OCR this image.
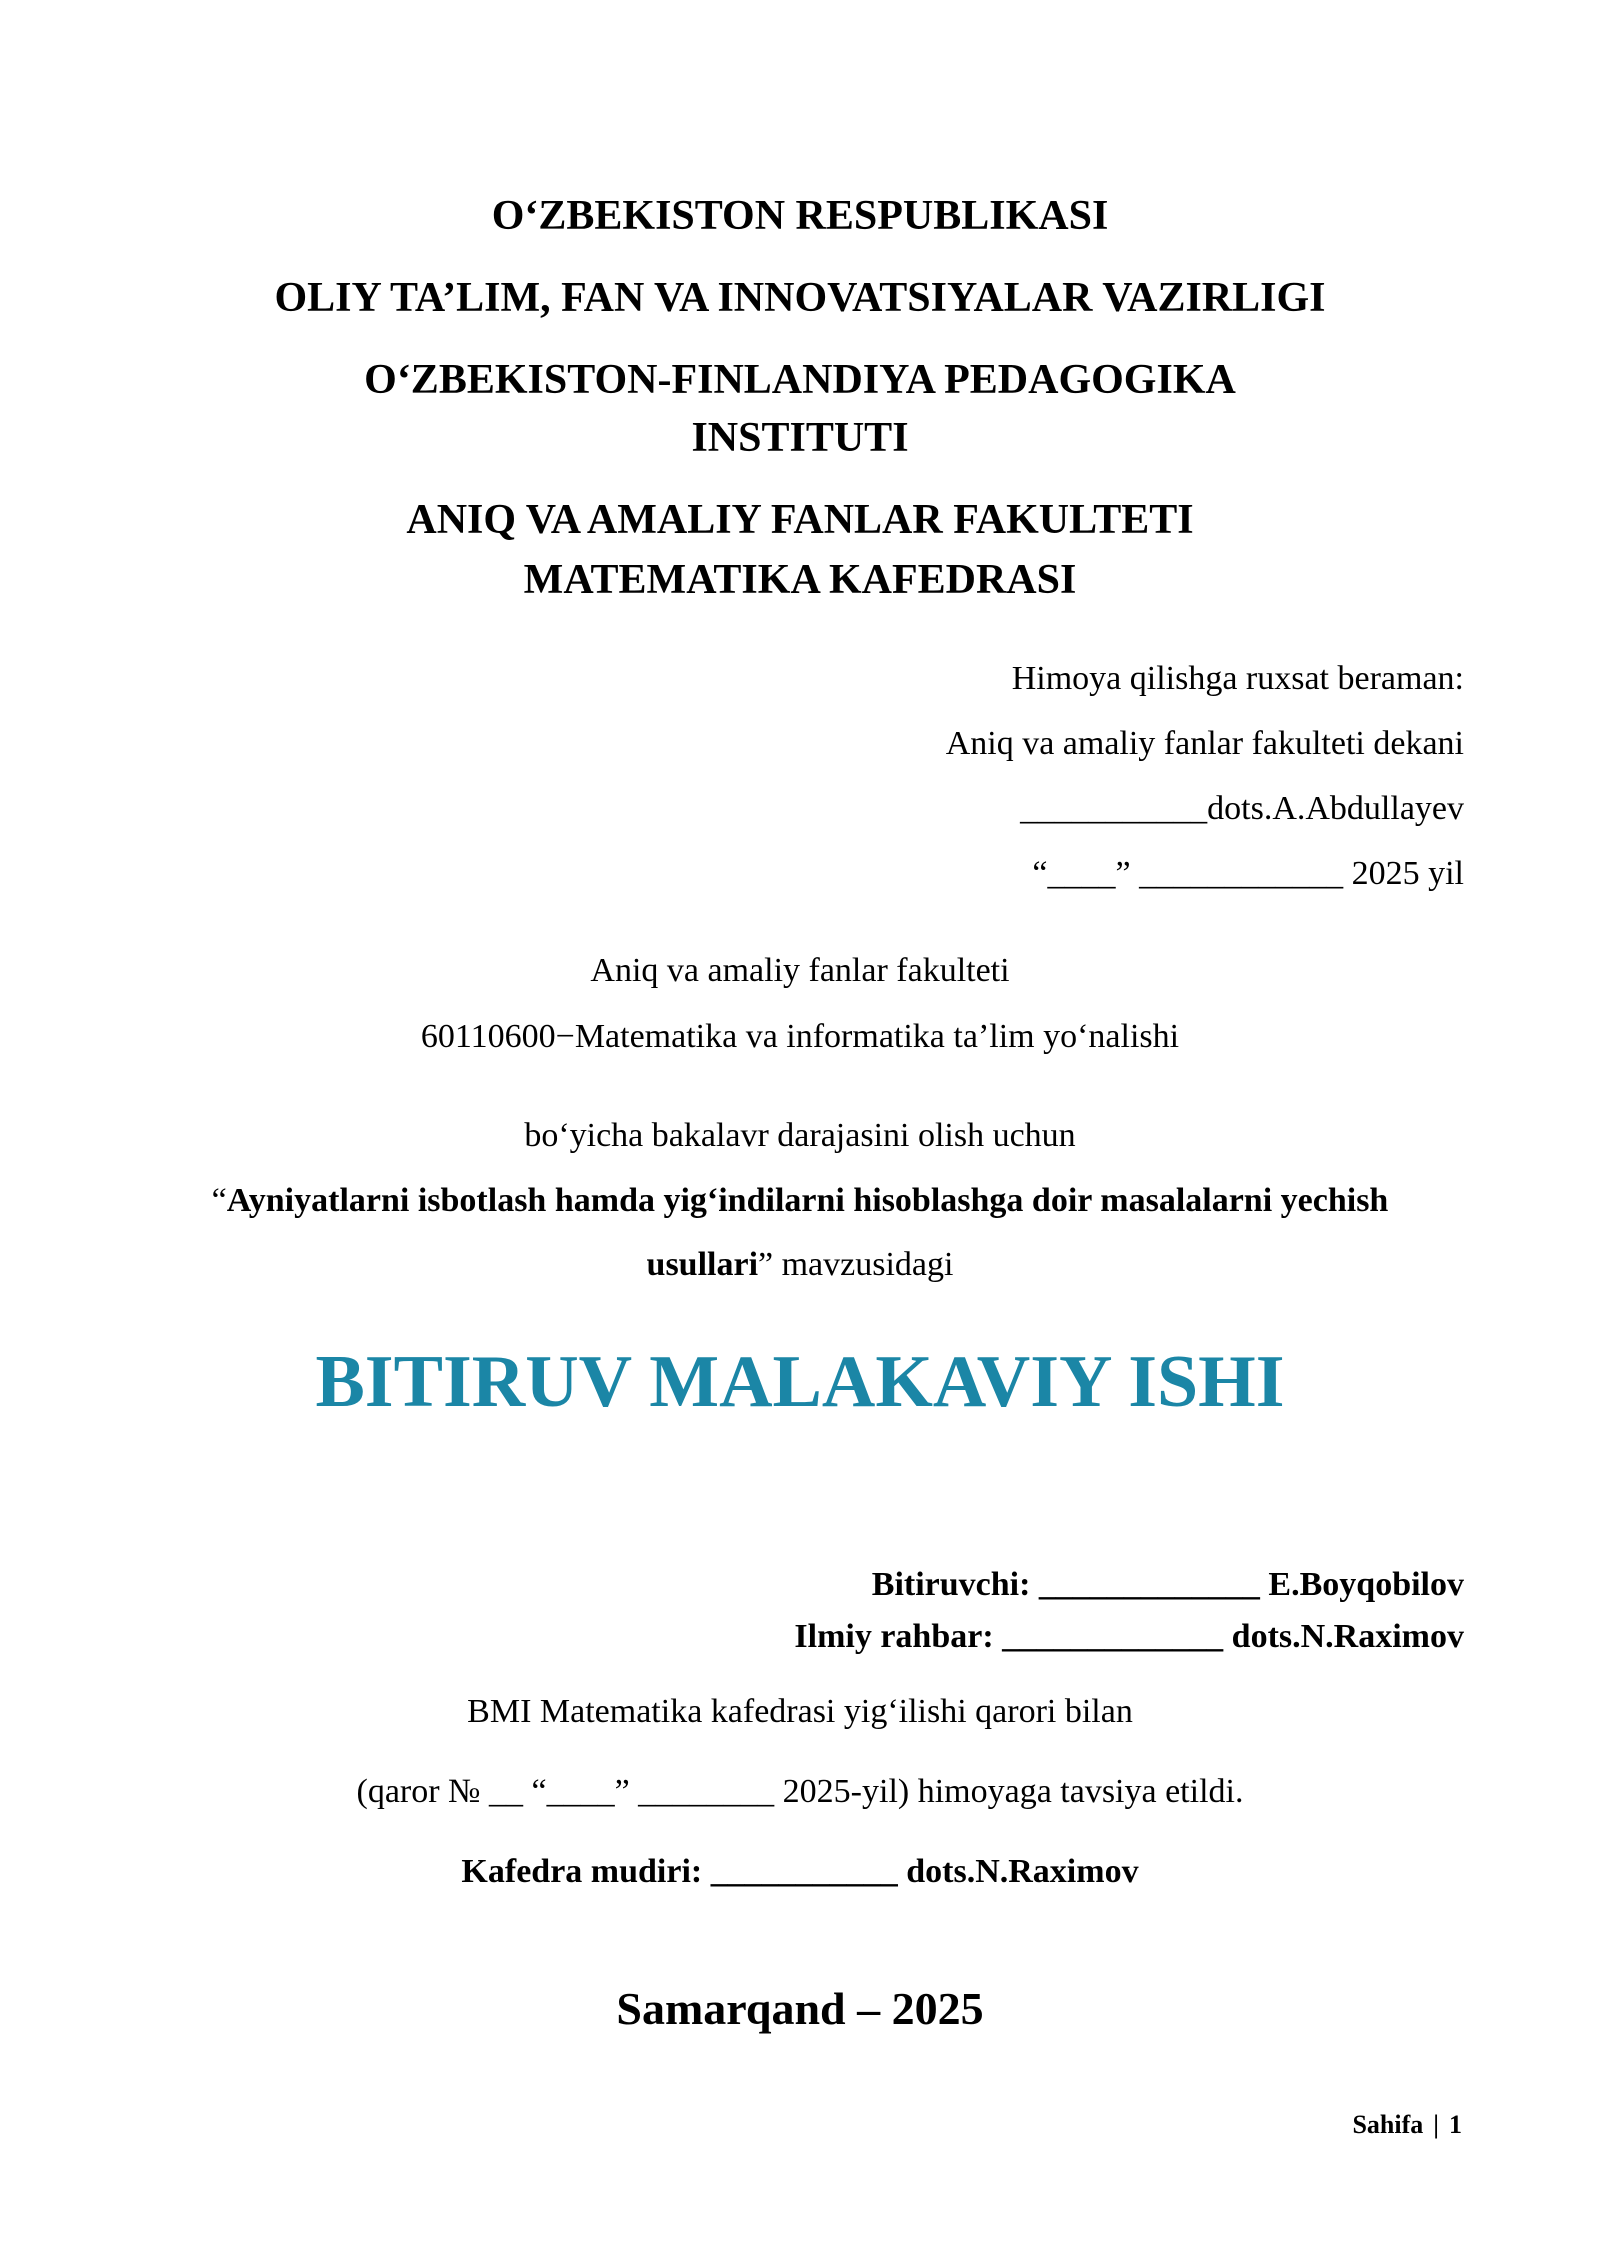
O‘ZBEKISTON RESPUBLIKASI
OLIY TA’LIM, FAN VA INNOVATSIYALAR VAZIRLIGI
O‘ZBEKISTON-FINLANDIYA PEDAGOGIKA
INSTITUTI
ANIQ VA AMALIY FANLAR FAKULTETI
MATEMATIKA KAFEDRASI
Himoya qilishga ruxsat beraman:
Aniq va amaliy fanlar fakulteti dekani
___________dots.A.Abdullayev
“____” ____________ 2025 yil
Aniq va amaliy fanlar fakulteti
60110600−Matematika va informatika ta’lim yo‘nalishi
bo‘yicha bakalavr darajasini olish uchun
“Ayniyatlarni isbotlash hamda yig‘indilarni hisoblashga doir masalalarni yechish
usullari” mavzusidagi
BITIRUV MALAKAVIY ISHI
Bitiruvchi: _____________ E.Boyqobilov
Ilmiy rahbar: _____________ dots.N.Raximov
BMI Matematika kafedrasi yig‘ilishi qarori bilan
(qaror № __ “____” ________ 2025-yil) himoyaga tavsiya etildi.
Kafedra mudiri: ___________ dots.N.Raximov
Samarqand – 2025
Sahifa | 1
